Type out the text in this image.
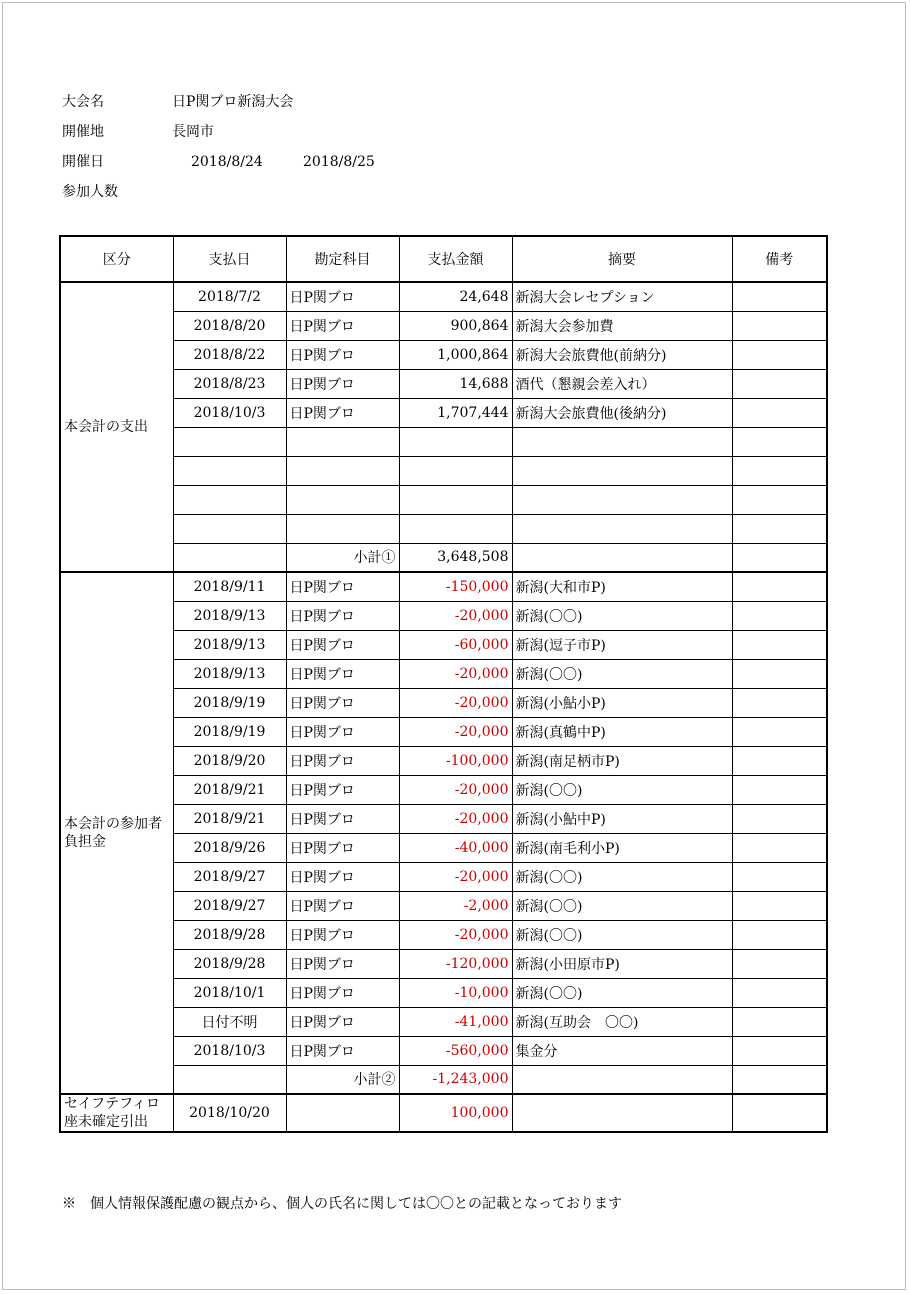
大会名	日P関ブロ新潟大会
開催地	長岡市
開催日	2018/8/24	2018/8/25
参加人数
区分	支払日	勘定科目	支払金額	摘要	備考
本会計の支出	2018/7/2	日P関ブロ	24,648	新潟大会レセプション	
	2018/8/20	日P関ブロ	900,864	新潟大会参加費	
	2018/8/22	日P関ブロ	1,000,864	新潟大会旅費他(前納分)	
	2018/8/23	日P関ブロ	14,688	酒代（懇親会差入れ）	
	2018/10/3	日P関ブロ	1,707,444	新潟大会旅費他(後納分)	

		小計①	3,648,508		
本会計の参加者負担金	2018/9/11	日P関ブロ	-150,000	新潟(大和市P)	
	2018/9/13	日P関ブロ	-20,000	新潟(〇〇)	
	2018/9/13	日P関ブロ	-60,000	新潟(逗子市P)	
	2018/9/13	日P関ブロ	-20,000	新潟(〇〇)	
	2018/9/19	日P関ブロ	-20,000	新潟(小鮎小P)	
	2018/9/19	日P関ブロ	-20,000	新潟(真鶴中P)	
	2018/9/20	日P関ブロ	-100,000	新潟(南足柄市P)	
	2018/9/21	日P関ブロ	-20,000	新潟(〇〇)	
	2018/9/21	日P関ブロ	-20,000	新潟(小鮎中P)	
	2018/9/26	日P関ブロ	-40,000	新潟(南毛利小P)	
	2018/9/27	日P関ブロ	-20,000	新潟(〇〇)	
	2018/9/27	日P関ブロ	-2,000	新潟(〇〇)	
	2018/9/28	日P関ブロ	-20,000	新潟(〇〇)	
	2018/9/28	日P関ブロ	-120,000	新潟(小田原市P)	
	2018/10/1	日P関ブロ	-10,000	新潟(〇〇)	
	日付不明	日P関ブロ	-41,000	新潟(互助会　〇〇)	
	2018/10/3	日P関ブロ	-560,000	集金分	
		小計②	-1,243,000		
セイフテフィロ座未確定引出	2018/10/20		100,000		
※　個人情報保護配慮の観点から、個人の氏名に関しては〇〇との記載となっております
